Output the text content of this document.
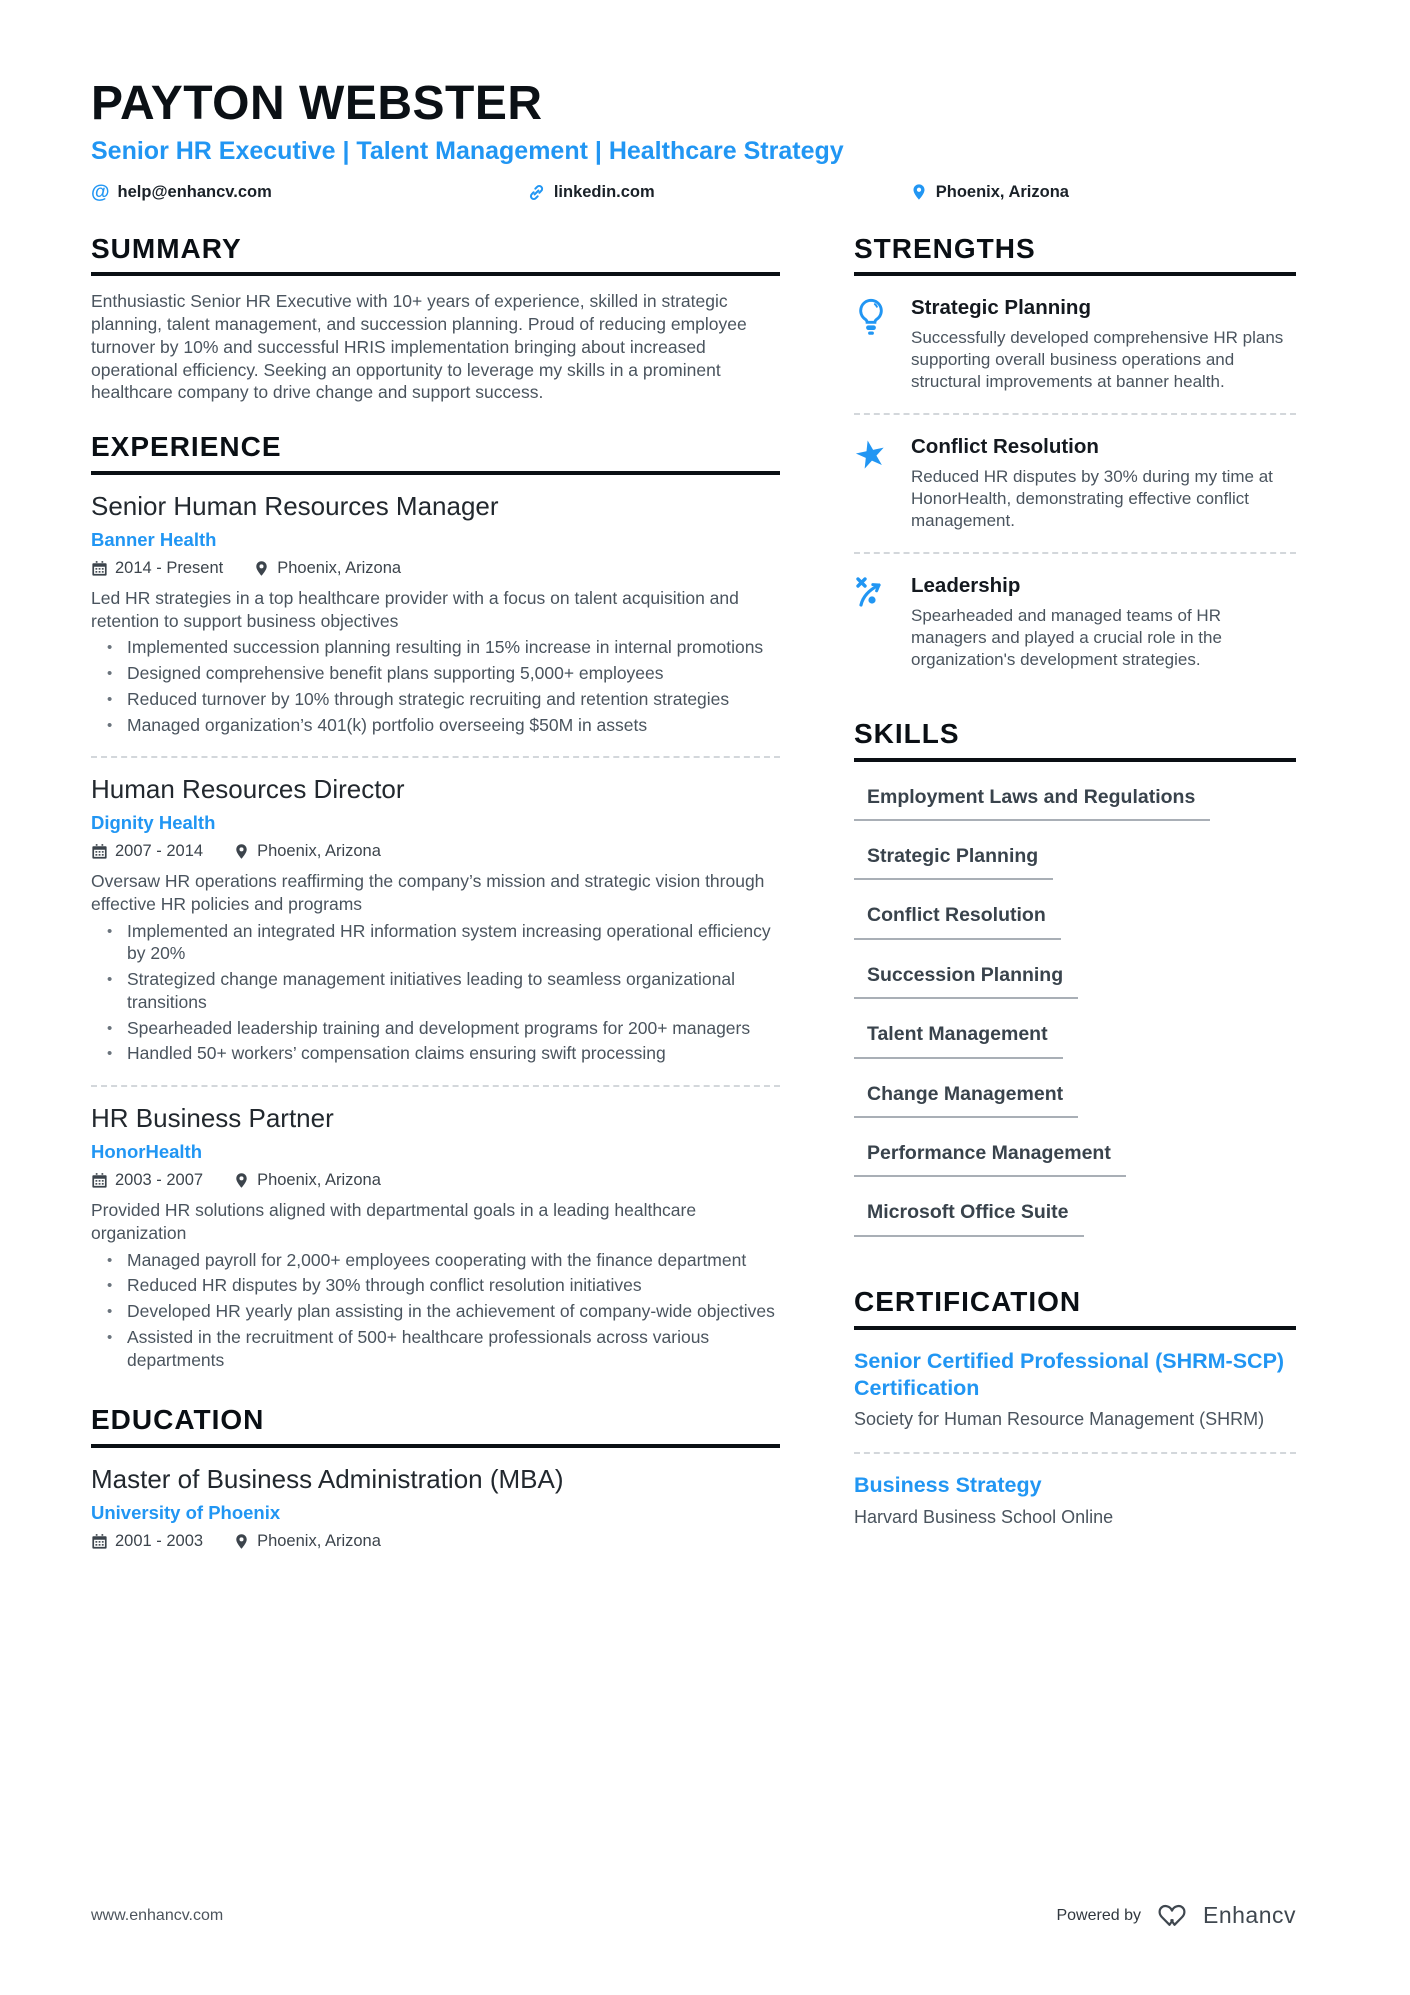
PAYTON WEBSTER
Senior HR Executive | Talent Management | Healthcare Strategy
@ help@enhancv.com	linkedin.com	Phoenix, Arizona
SUMMARY
Enthusiastic Senior HR Executive with 10+ years of experience, skilled in strategic planning, talent management, and succession planning. Proud of reducing employee turnover by 10% and successful HRIS implementation bringing about increased operational efficiency. Seeking an opportunity to leverage my skills in a prominent healthcare company to drive change and support success.
EXPERIENCE
Senior Human Resources Manager
Banner Health
2014 - Present	Phoenix, Arizona
Led HR strategies in a top healthcare provider with a focus on talent acquisition and retention to support business objectives
• Implemented succession planning resulting in 15% increase in internal promotions
• Designed comprehensive benefit plans supporting 5,000+ employees
• Reduced turnover by 10% through strategic recruiting and retention strategies
• Managed organization’s 401(k) portfolio overseeing $50M in assets
Human Resources Director
Dignity Health
2007 - 2014	Phoenix, Arizona
Oversaw HR operations reaffirming the company’s mission and strategic vision through effective HR policies and programs
• Implemented an integrated HR information system increasing operational efficiency by 20%
• Strategized change management initiatives leading to seamless organizational transitions
• Spearheaded leadership training and development programs for 200+ managers
• Handled 50+ workers’ compensation claims ensuring swift processing
HR Business Partner
HonorHealth
2003 - 2007	Phoenix, Arizona
Provided HR solutions aligned with departmental goals in a leading healthcare organization
• Managed payroll for 2,000+ employees cooperating with the finance department
• Reduced HR disputes by 30% through conflict resolution initiatives
• Developed HR yearly plan assisting in the achievement of company-wide objectives
• Assisted in the recruitment of 500+ healthcare professionals across various departments
EDUCATION
Master of Business Administration (MBA)
University of Phoenix
2001 - 2003	Phoenix, Arizona
STRENGTHS
Strategic Planning
Successfully developed comprehensive HR plans supporting overall business operations and structural improvements at banner health.
★ Conflict Resolution
Reduced HR disputes by 30% during my time at HonorHealth, demonstrating effective conflict management.
Leadership
Spearheaded and managed teams of HR managers and played a crucial role in the organization's development strategies.
SKILLS
Employment Laws and Regulations
Strategic Planning
Conflict Resolution
Succession Planning
Talent Management
Change Management
Performance Management
Microsoft Office Suite
CERTIFICATION
Senior Certified Professional (SHRM-SCP) Certification
Society for Human Resource Management (SHRM)
Business Strategy
Harvard Business School Online
www.enhancv.com	Powered by	Enhancv
